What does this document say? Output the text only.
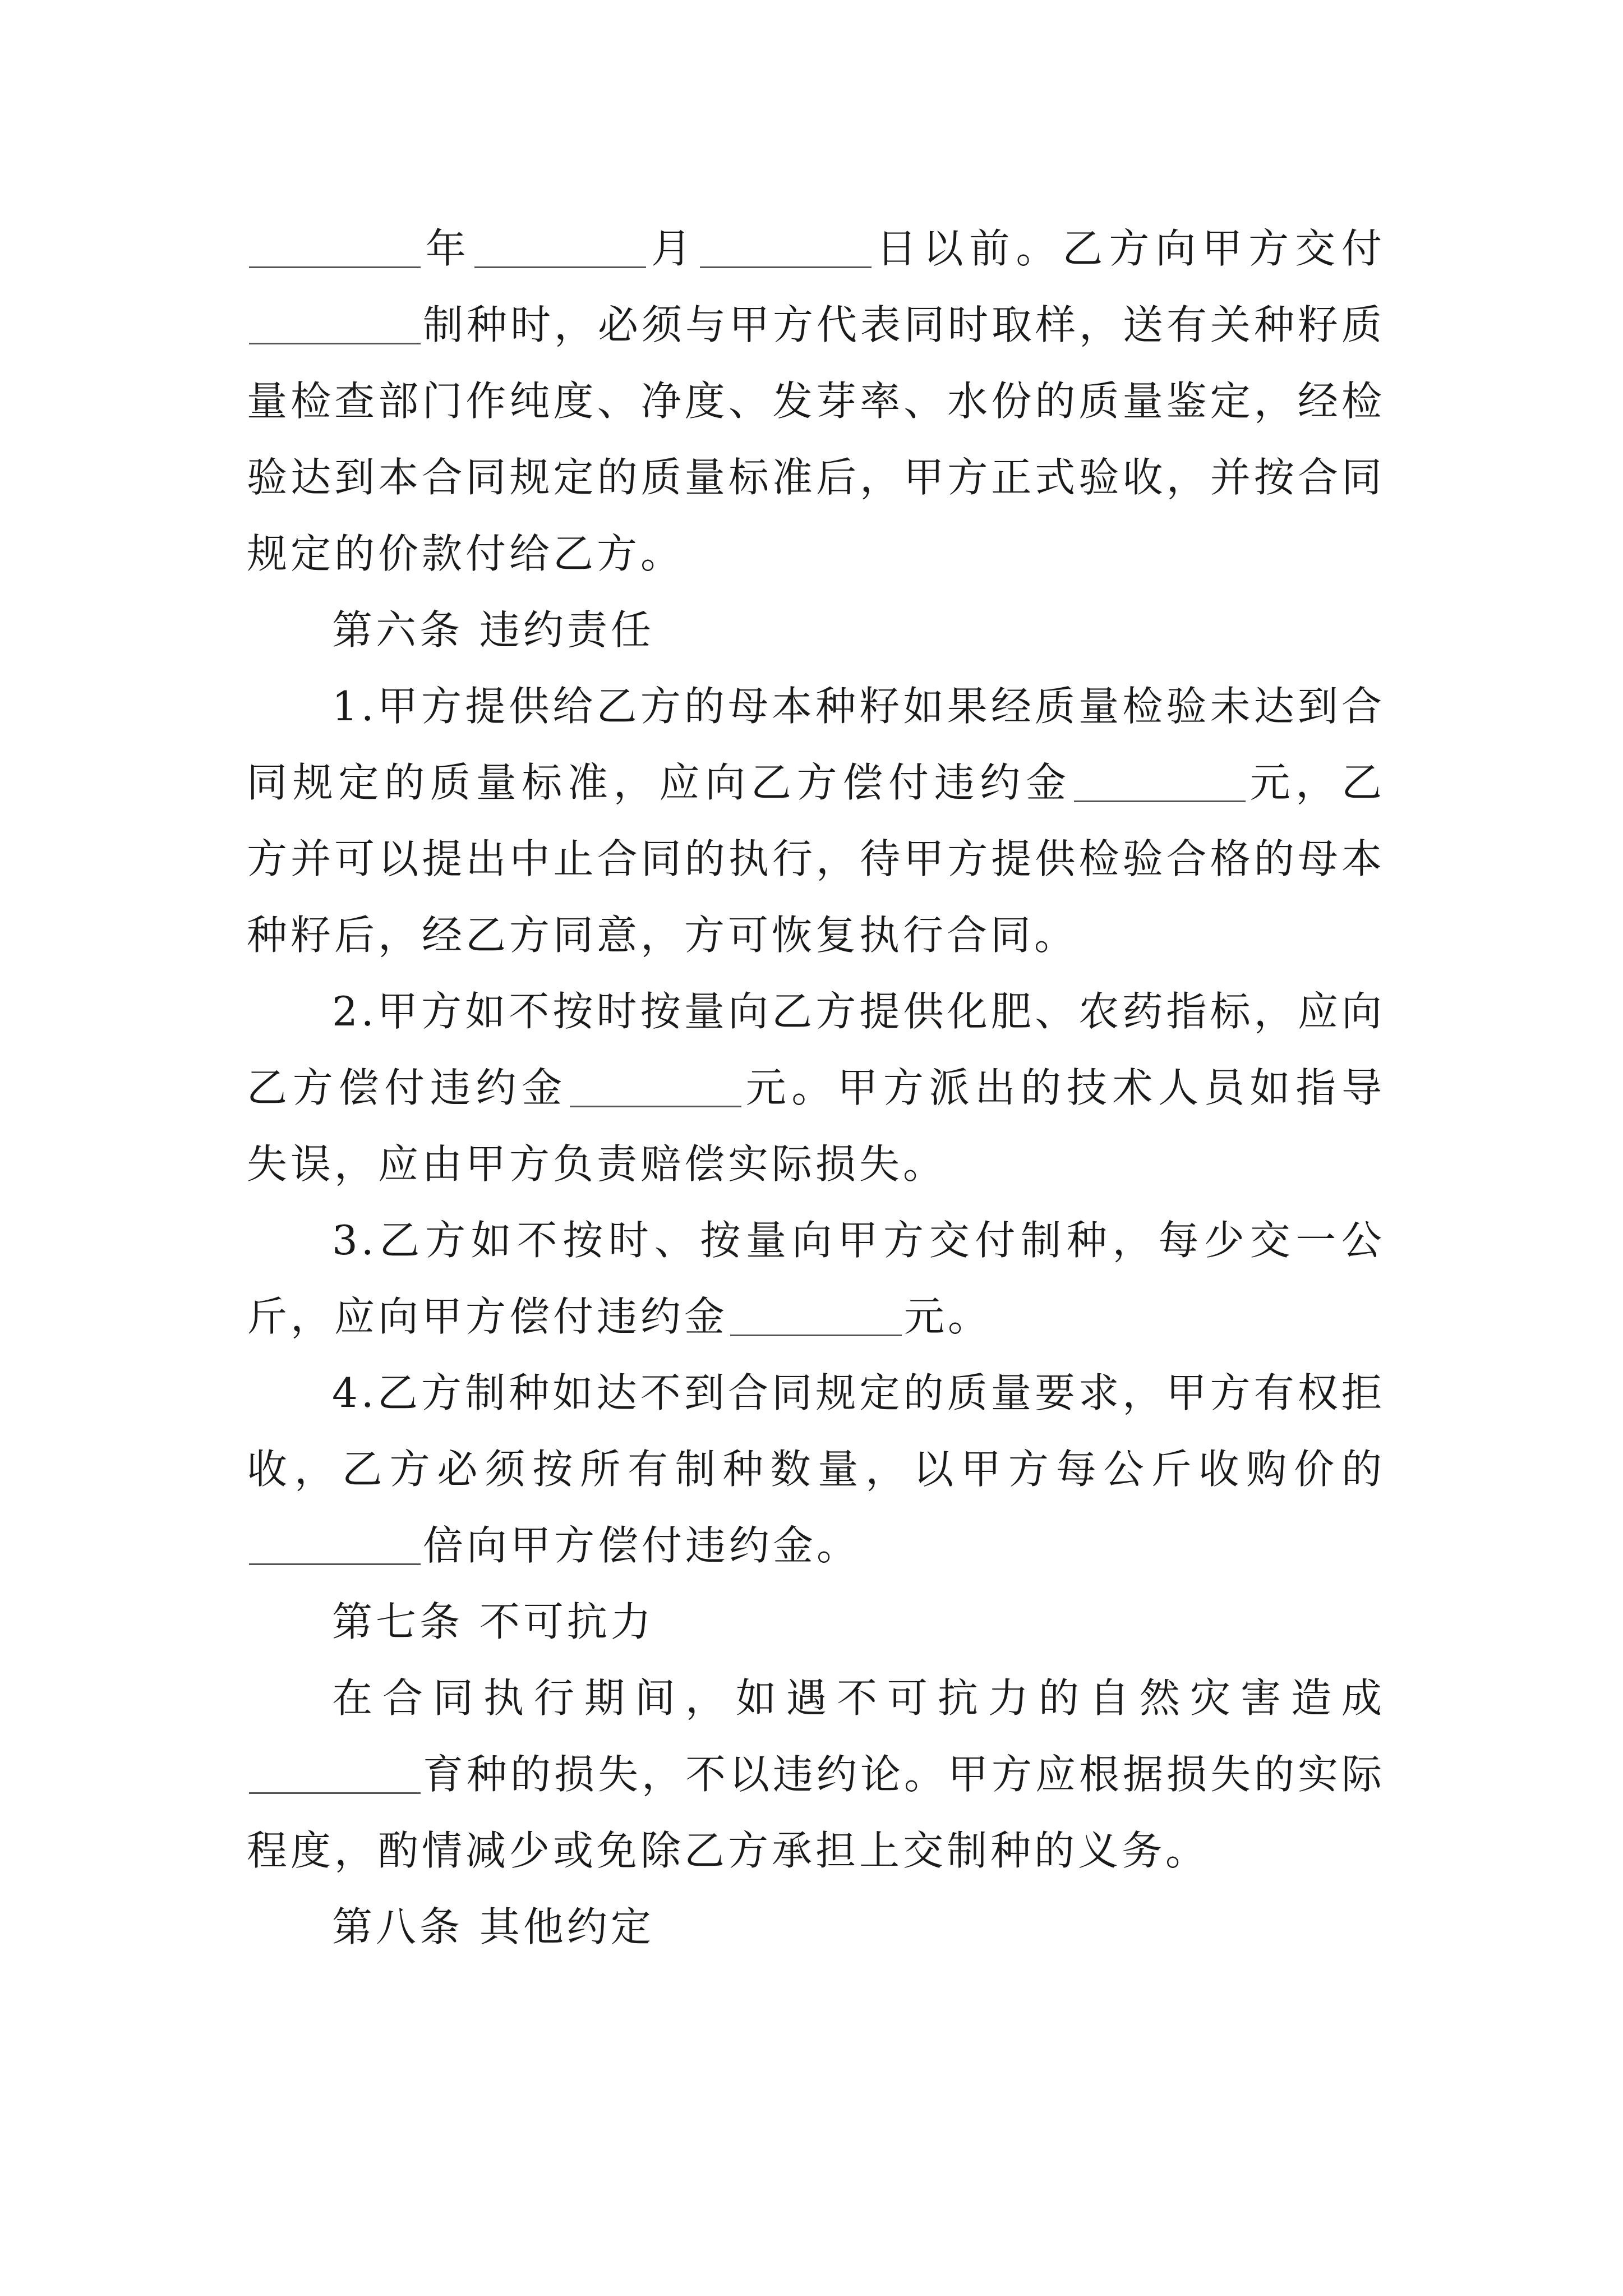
年	月	日以前。乙方向甲方交付制种时，必须与甲方代表同时取样，送有关种籽质量检查部门作纯度、净度、发芽率、水份的质量鉴定，经检验达到本合同规定的质量标准后，甲方正式验收，并按合同规定的价款付给乙方。

第六条 违约责任

1.甲方提供给乙方的母本种籽如果经质量检验未达到合同规定的质量标准，应向乙方偿付违约金	元，乙方并可以提出中止合同的执行，待甲方提供检验合格的母本种籽后，经乙方同意，方可恢复执行合同。

2.甲方如不按时按量向乙方提供化肥、农药指标，应向乙方偿付违约金	元。甲方派出的技术人员如指导失误，应由甲方负责赔偿实际损失。

3.乙方如不按时、按量向甲方交付制种，每少交一公斤，应向甲方偿付违约金	元。

4.乙方制种如达不到合同规定的质量要求，甲方有权拒收，乙方必须按所有制种数量，以甲方每公斤收购价的倍向甲方偿付违约金。

第七条 不可抗力

在合同执行期间，如遇不可抗力的自然灾害造成育种的损失，不以违约论。甲方应根据损失的实际程度，酌情减少或免除乙方承担上交制种的义务。

第八条 其他约定
